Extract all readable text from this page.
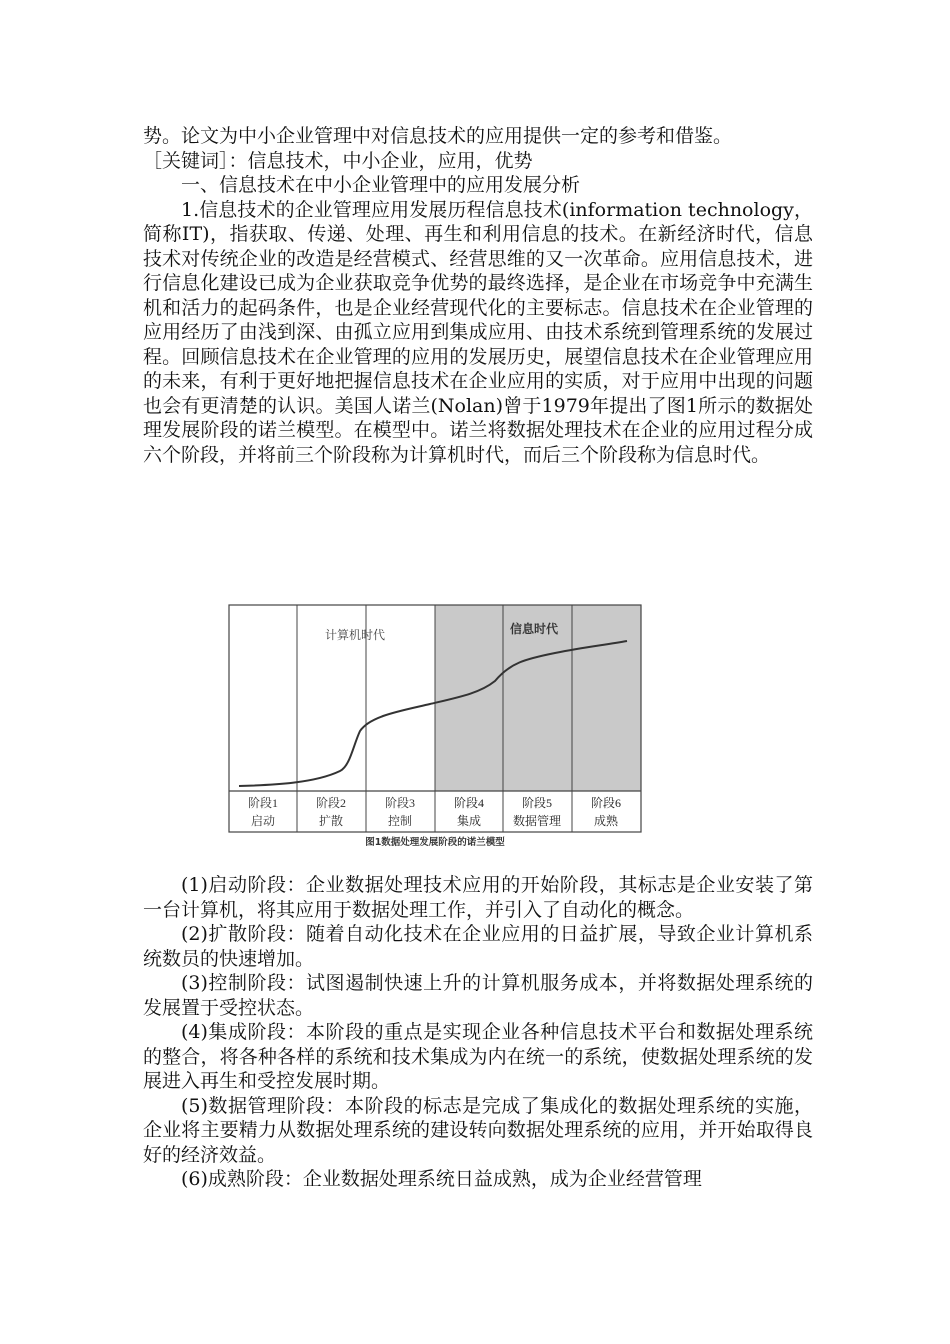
势。论文为中小企业管理中对信息技术的应用提供一定的参考和借鉴。

［关键词］：信息技术，中小企业，应用，优势

一、信息技术在中小企业管理中的应用发展分析

1.信息技术的企业管理应用发展历程信息技术(information technology，简称IT)，指获取、传递、处理、再生和利用信息的技术。在新经济时代，信息技术对传统企业的改造是经营模式、经营思维的又一次革命。应用信息技术，进行信息化建设已成为企业获取竞争优势的最终选择，是企业在市场竞争中充满生机和活力的起码条件，也是企业经营现代化的主要标志。信息技术在企业管理的应用经历了由浅到深、由孤立应用到集成应用、由技术系统到管理系统的发展过程。回顾信息技术在企业管理的应用的发展历史，展望信息技术在企业管理应用的未来，有利于更好地把握信息技术在企业应用的实质，对于应用中出现的问题也会有更清楚的认识。美国人诺兰(Nolan)曾于1979年提出了图1所示的数据处理发展阶段的诺兰模型。在模型中。诺兰将数据处理技术在企业的应用过程分成六个阶段，并将前三个阶段称为计算机时代，而后三个阶段称为信息时代。

计算机时代	信息时代
阶段1
启动
阶段2
扩散
阶段3
控制
阶段4
集成
阶段5
数据管理
阶段6
成熟
图1数据处理发展阶段的诺兰模型

(1)启动阶段：企业数据处理技术应用的开始阶段，其标志是企业安装了第一台计算机，将其应用于数据处理工作，并引入了自动化的概念。

(2)扩散阶段：随着自动化技术在企业应用的日益扩展，导致企业计算机系统数员的快速增加。

(3)控制阶段：试图遏制快速上升的计算机服务成本，并将数据处理系统的发展置于受控状态。

(4)集成阶段：本阶段的重点是实现企业各种信息技术平台和数据处理系统的整合，将各种各样的系统和技术集成为内在统一的系统，使数据处理系统的发展进入再生和受控发展时期。

(5)数据管理阶段：本阶段的标志是完成了集成化的数据处理系统的实施，企业将主要精力从数据处理系统的建设转向数据处理系统的应用，并开始取得良好的经济效益。

(6)成熟阶段：企业数据处理系统日益成熟，成为企业经营管理
